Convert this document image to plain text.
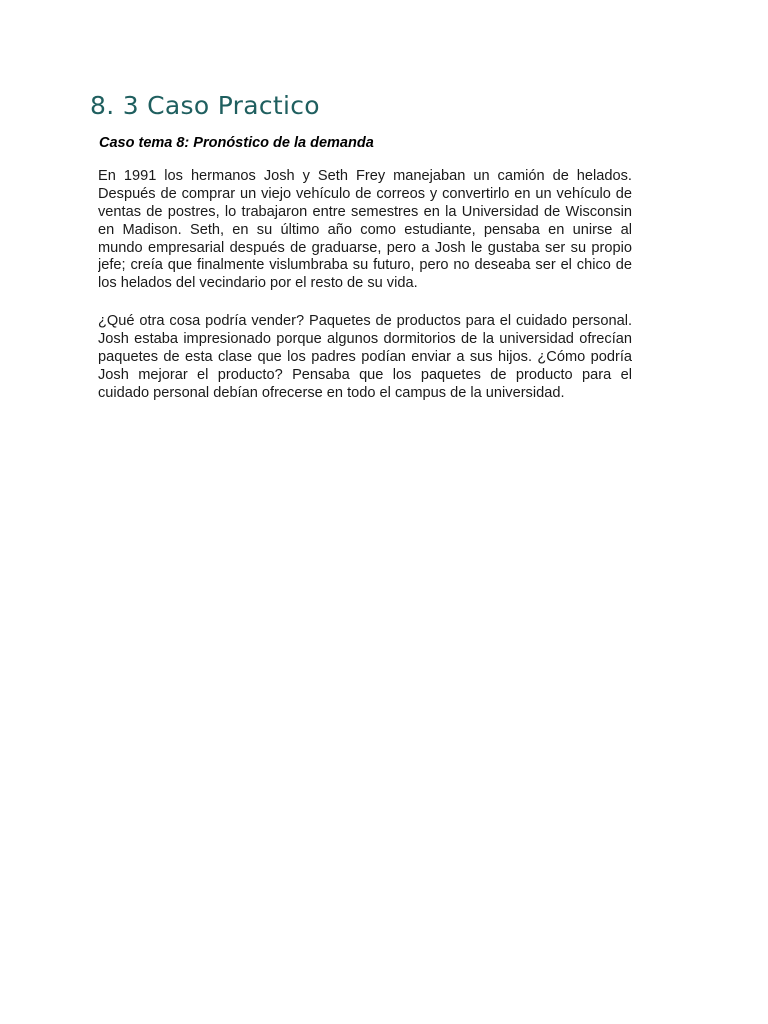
8. 3 Caso Practico

Caso tema 8: Pronóstico de la demanda

En 1991 los hermanos Josh y Seth Frey manejaban un camión de helados.
Después de comprar un viejo vehículo de correos y convertirlo en un vehículo de
ventas de postres, lo trabajaron entre semestres en la Universidad de Wisconsin
en Madison. Seth, en su último año como estudiante, pensaba en unirse al
mundo empresarial después de graduarse, pero a Josh le gustaba ser su propio
jefe; creía que finalmente vislumbraba su futuro, pero no deseaba ser el chico de
los helados del vecindario por el resto de su vida.

¿Qué otra cosa podría vender? Paquetes de productos para el cuidado personal.
Josh estaba impresionado porque algunos dormitorios de la universidad ofrecían
paquetes de esta clase que los padres podían enviar a sus hijos. ¿Cómo podría
Josh mejorar el producto? Pensaba que los paquetes de producto para el
cuidado personal debían ofrecerse en todo el campus de la universidad.
